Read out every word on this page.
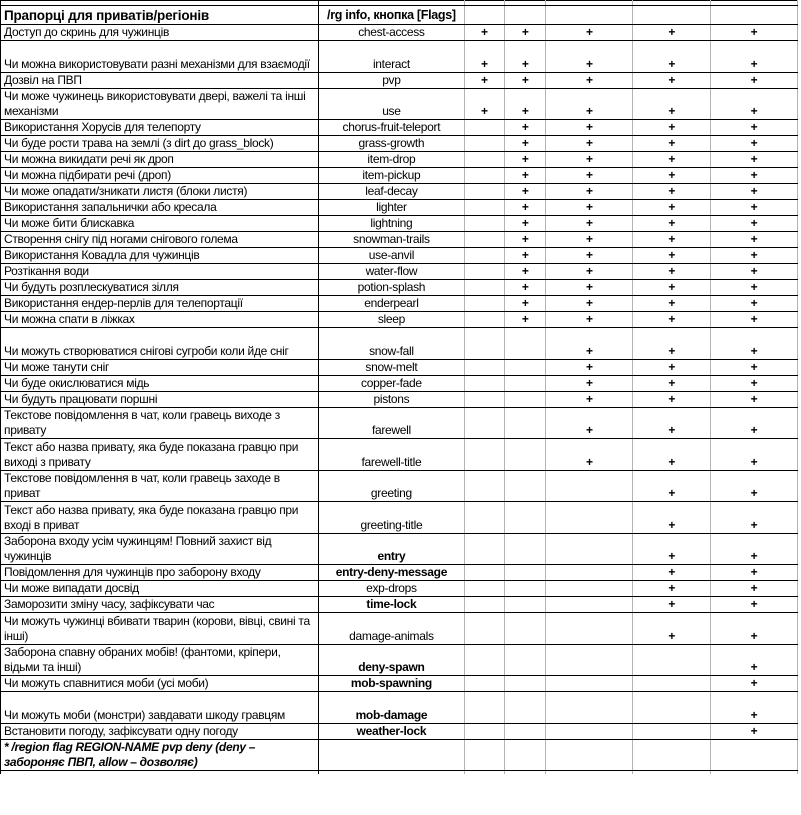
Прапорці для приватів/регіонів	/rg info, кнопка [Flags]					
Доступ до скринь для чужинців	chest-access	+	+	+	+	+
Чи можна використовувати разні механізми для взаємодії	interact	+	+	+	+	+
Дозвіл на ПВП	pvp	+	+	+	+	+
Чи може чужинець використовувати двері, важелі та інші механізми	use	+	+	+	+	+
Використання Хорусів для телепорту	chorus-fruit-teleport		+	+	+	+
Чи буде рости трава на землі (з dirt до grass_block)	grass-growth		+	+	+	+
Чи можна викидати речі як дроп	item-drop		+	+	+	+
Чи можна підбирати речі (дроп)	item-pickup		+	+	+	+
Чи може опадати/зникати листя (блоки листя)	leaf-decay		+	+	+	+
Використання запальнички або кресала	lighter		+	+	+	+
Чи може бити блискавка	lightning		+	+	+	+
Створення снігу під ногами снігового голема	snowman-trails		+	+	+	+
Використання Ковадла для чужинців	use-anvil		+	+	+	+
Розтікання води	water-flow		+	+	+	+
Чи будуть розплескуватися зілля	potion-splash		+	+	+	+
Використання ендер-перлів для телепортації	enderpearl		+	+	+	+
Чи можна спати в ліжках	sleep		+	+	+	+
Чи можуть створюватися снігові сугроби коли йде сніг	snow-fall			+	+	+
Чи може танути сніг	snow-melt			+	+	+
Чи буде окислюватися мідь	copper-fade			+	+	+
Чи будуть працювати поршні	pistons			+	+	+
Текстове повідомлення в чат, коли гравець виходе з привату	farewell			+	+	+
Текст або назва привату, яка буде показана гравцю при виході з привату	farewell-title			+	+	+
Текстове повідомлення в чат, коли гравець заходе в приват	greeting				+	+
Текст або назва привату, яка буде показана гравцю при вході в приват	greeting-title				+	+
Заборона входу усім чужинцям! Повний захист від чужинців	entry				+	+
Повідомлення для чужинців про заборону входу	entry-deny-message				+	+
Чи може випадати досвід	exp-drops				+	+
Заморозити зміну часу, зафіксувати час	time-lock				+	+
Чи можуть чужинці вбивати тварин (корови, вівці, свині та інші)	damage-animals				+	+
Заборона спавну обраних мобів! (фантоми, кріпери, відьми та інші)	deny-spawn					+
Чи можуть спавнитися моби (усі моби)	mob-spawning					+
Чи можуть моби (монстри) завдавати шкоду гравцям	mob-damage					+
Встановити погоду, зафіксувати одну погоду	weather-lock					+
* /region flag REGION-NAME pvp deny (deny – забороняє ПВП, allow – дозволяє)						
